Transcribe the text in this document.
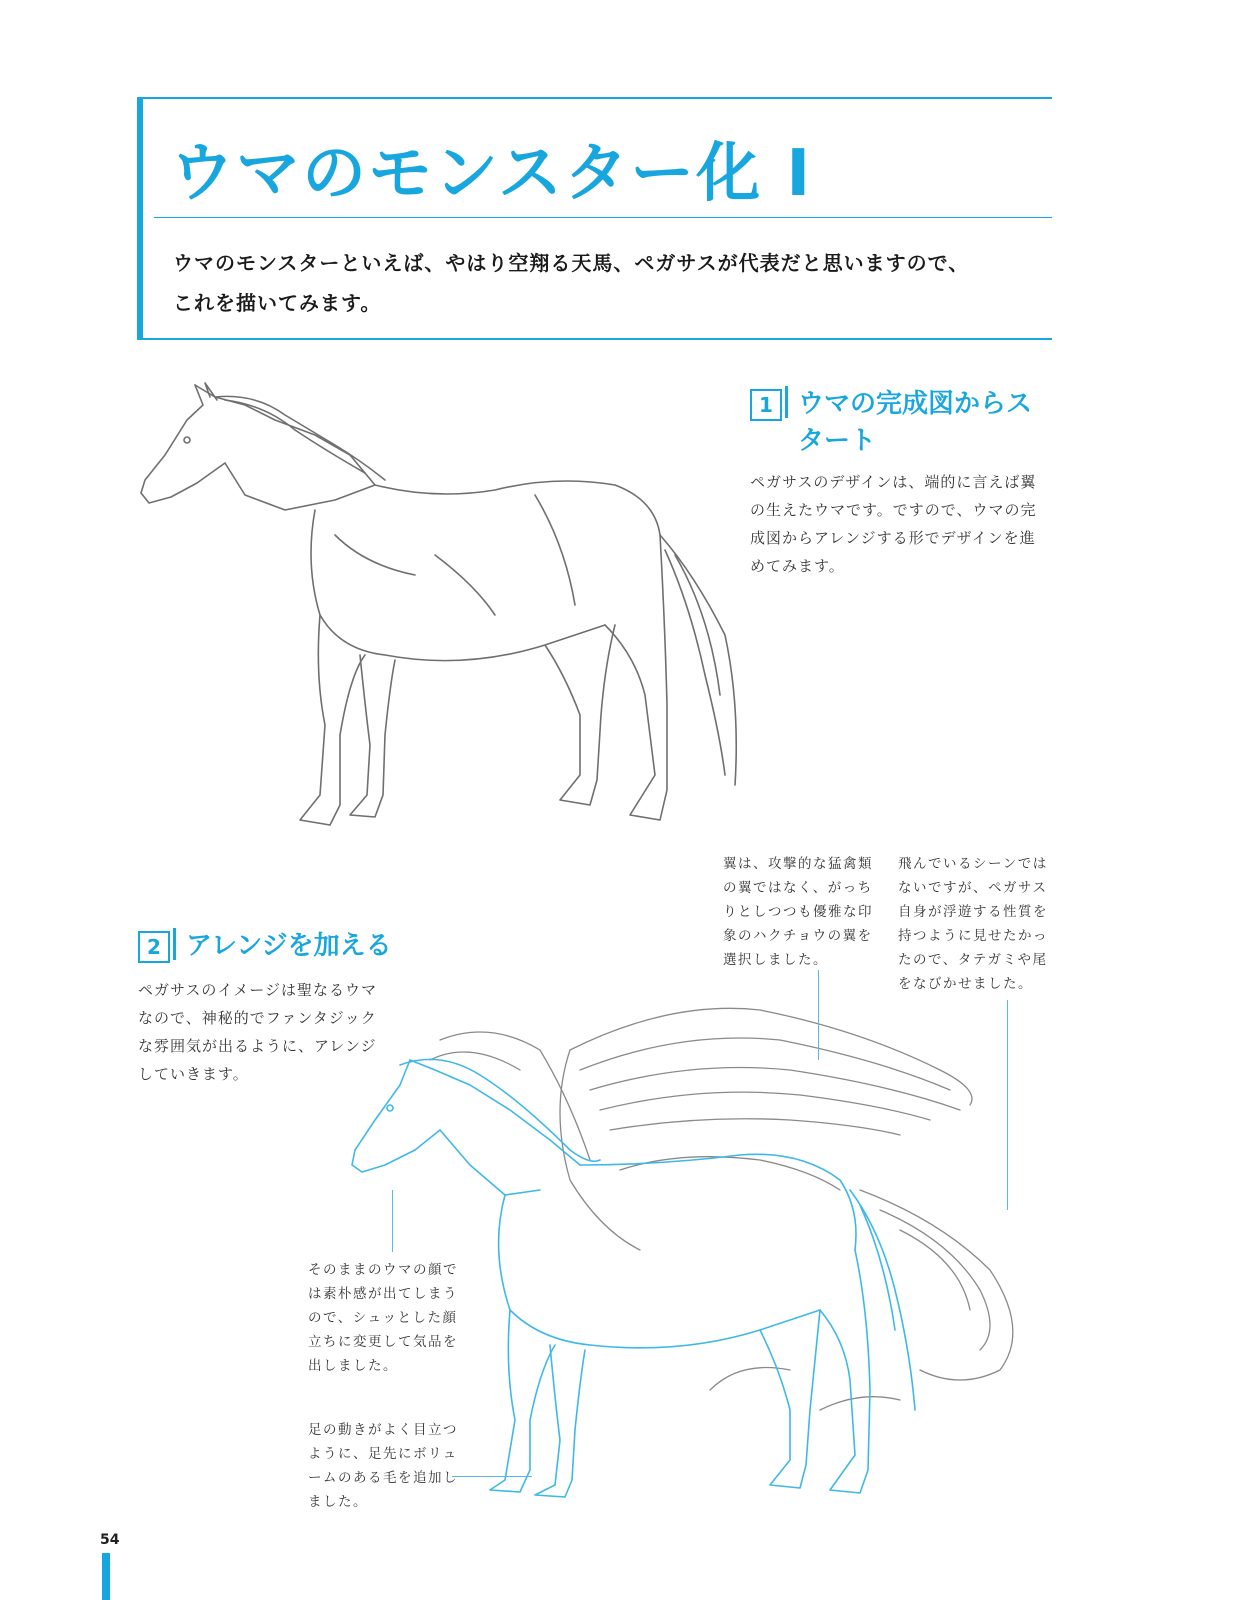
ウマのモンスター化 Ⅰ

ウマのモンスターといえば、やはり空翔る天馬、ペガサスが代表だと思いますので、
これを描いてみます。

1 ウマの完成図からスタート

ペガサスのデザインは、端的に言えば翼の生えたウマです。ですので、ウマの完成図からアレンジする形でデザインを進めてみます。

翼は、攻撃的な猛禽類の翼ではなく、がっちりとしつつも優雅な印象のハクチョウの翼を選択しました。

飛んでいるシーンではないですが、ペガサス自身が浮遊する性質を持つように見せたかったので、タテガミや尾をなびかせました。

2 アレンジを加える

ペガサスのイメージは聖なるウマなので、神秘的でファンタジックな雰囲気が出るように、アレンジしていきます。

そのままのウマの顔では素朴感が出てしまうので、シュッとした顔立ちに変更して気品を出しました。

足の動きがよく目立つように、足先にボリュームのある毛を追加しました。

54
